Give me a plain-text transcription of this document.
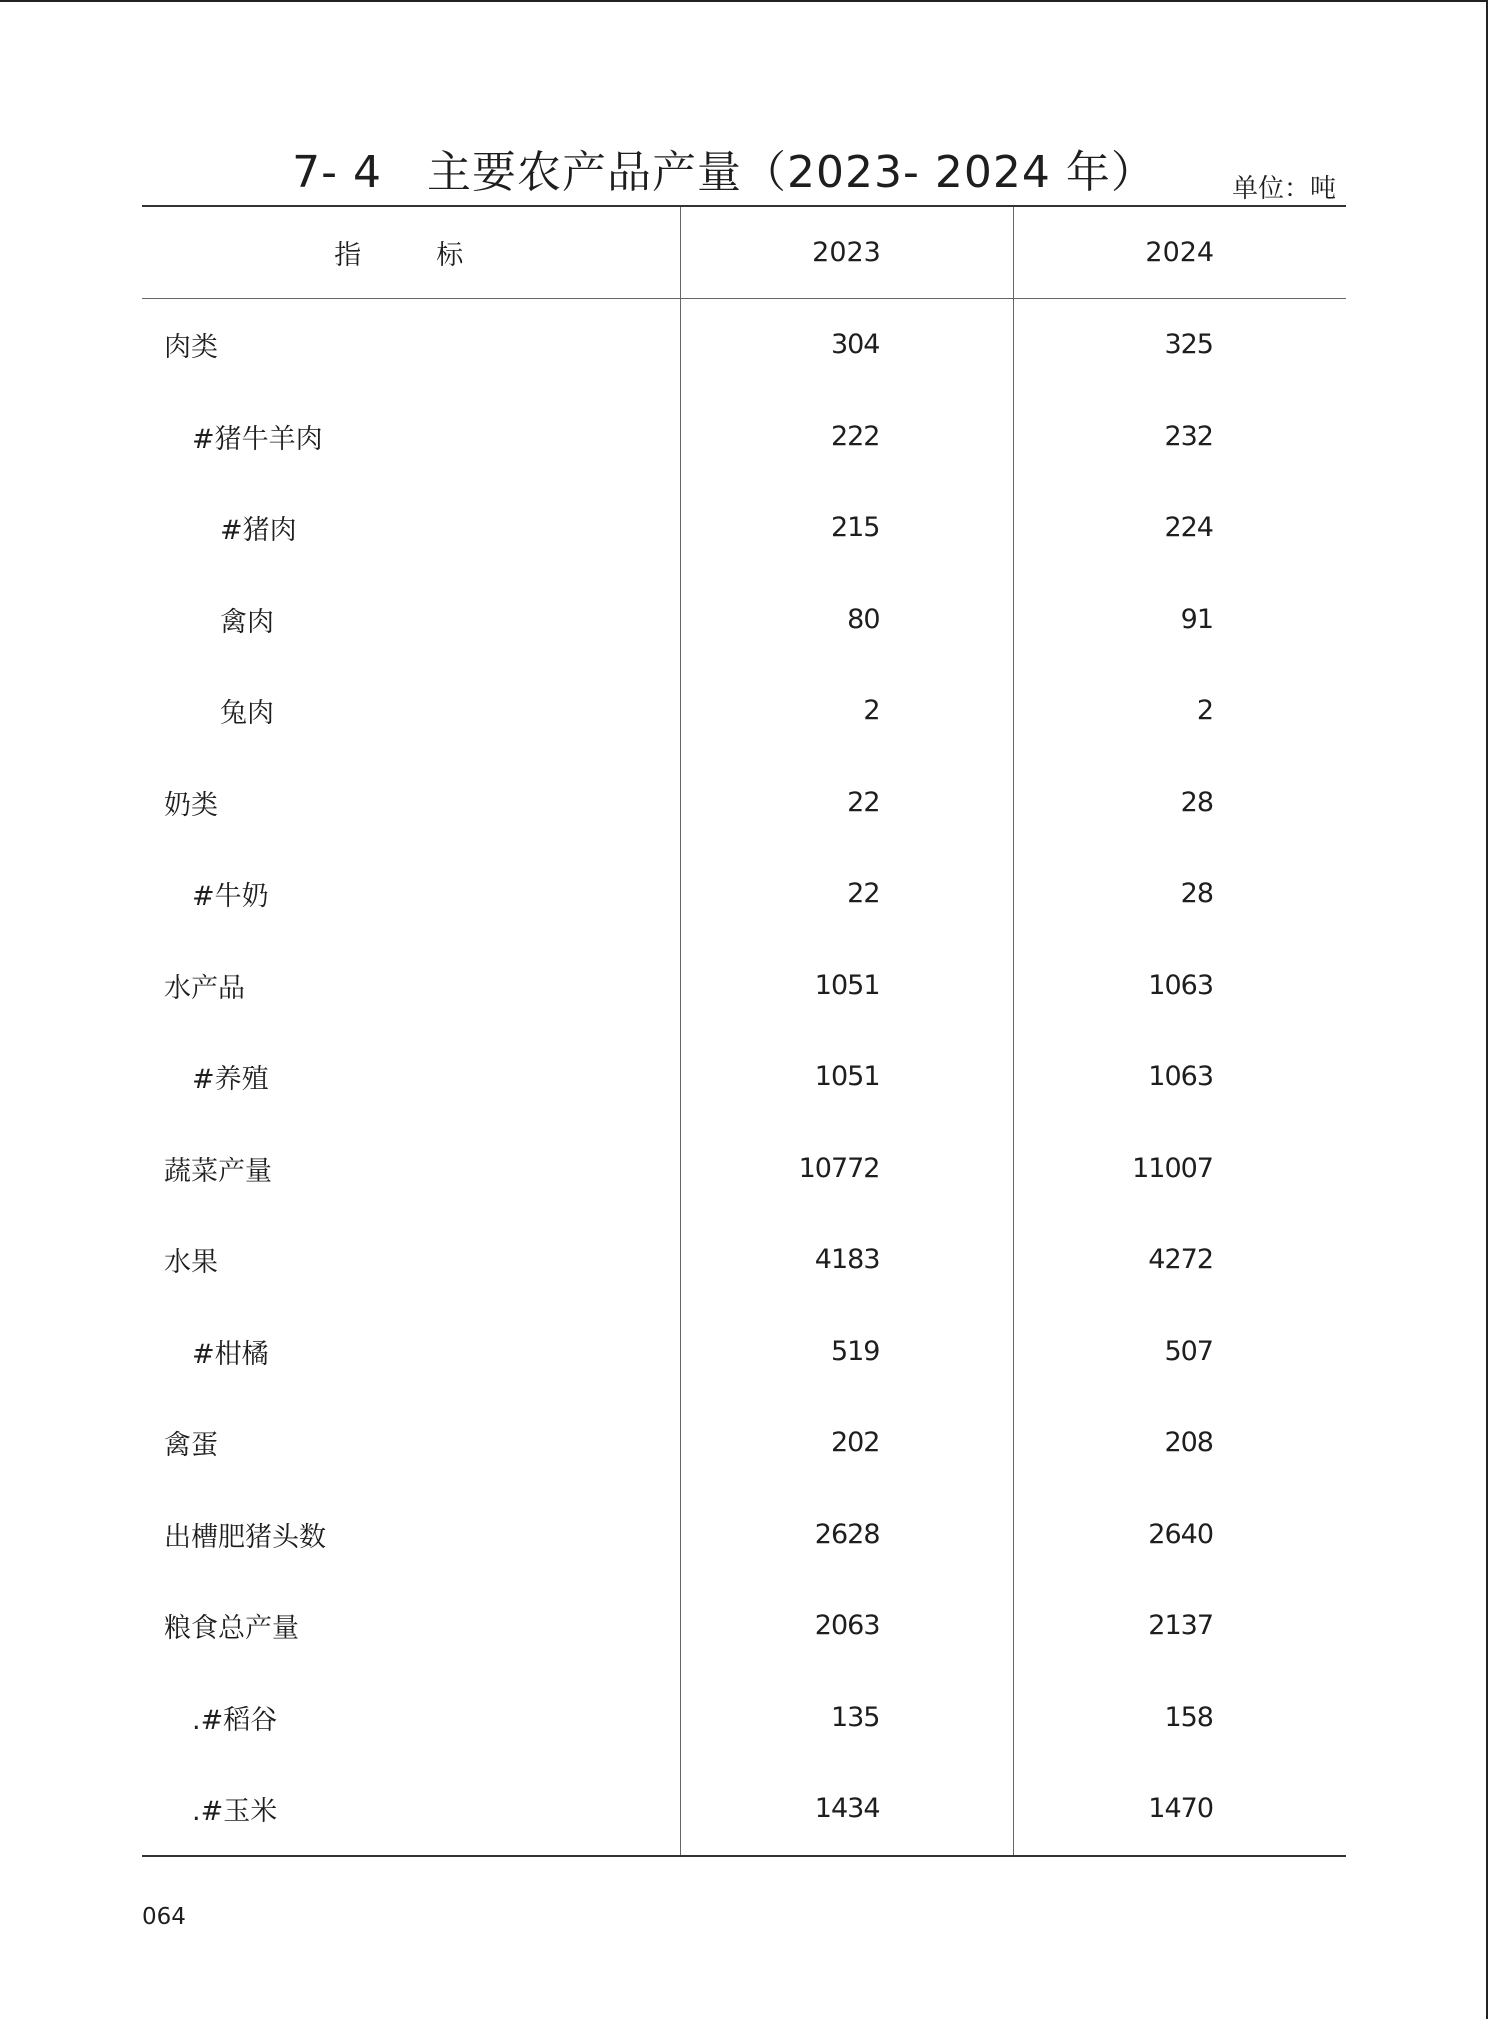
7- 4　主要农产品产量（2023- 2024 年）	单位：吨
指　标	2023	2024
肉类	304	325
#猪牛羊肉	222	232
#猪肉	215	224
禽肉	80	91
兔肉	2	2
奶类	22	28
#牛奶	22	28
水产品	1051	1063
#养殖	1051	1063
蔬菜产量	10772	11007
水果	4183	4272
#柑橘	519	507
禽蛋	202	208
出槽肥猪头数	2628	2640
粮食总产量	2063	2137
.#稻谷	135	158
.#玉米	1434	1470
064
